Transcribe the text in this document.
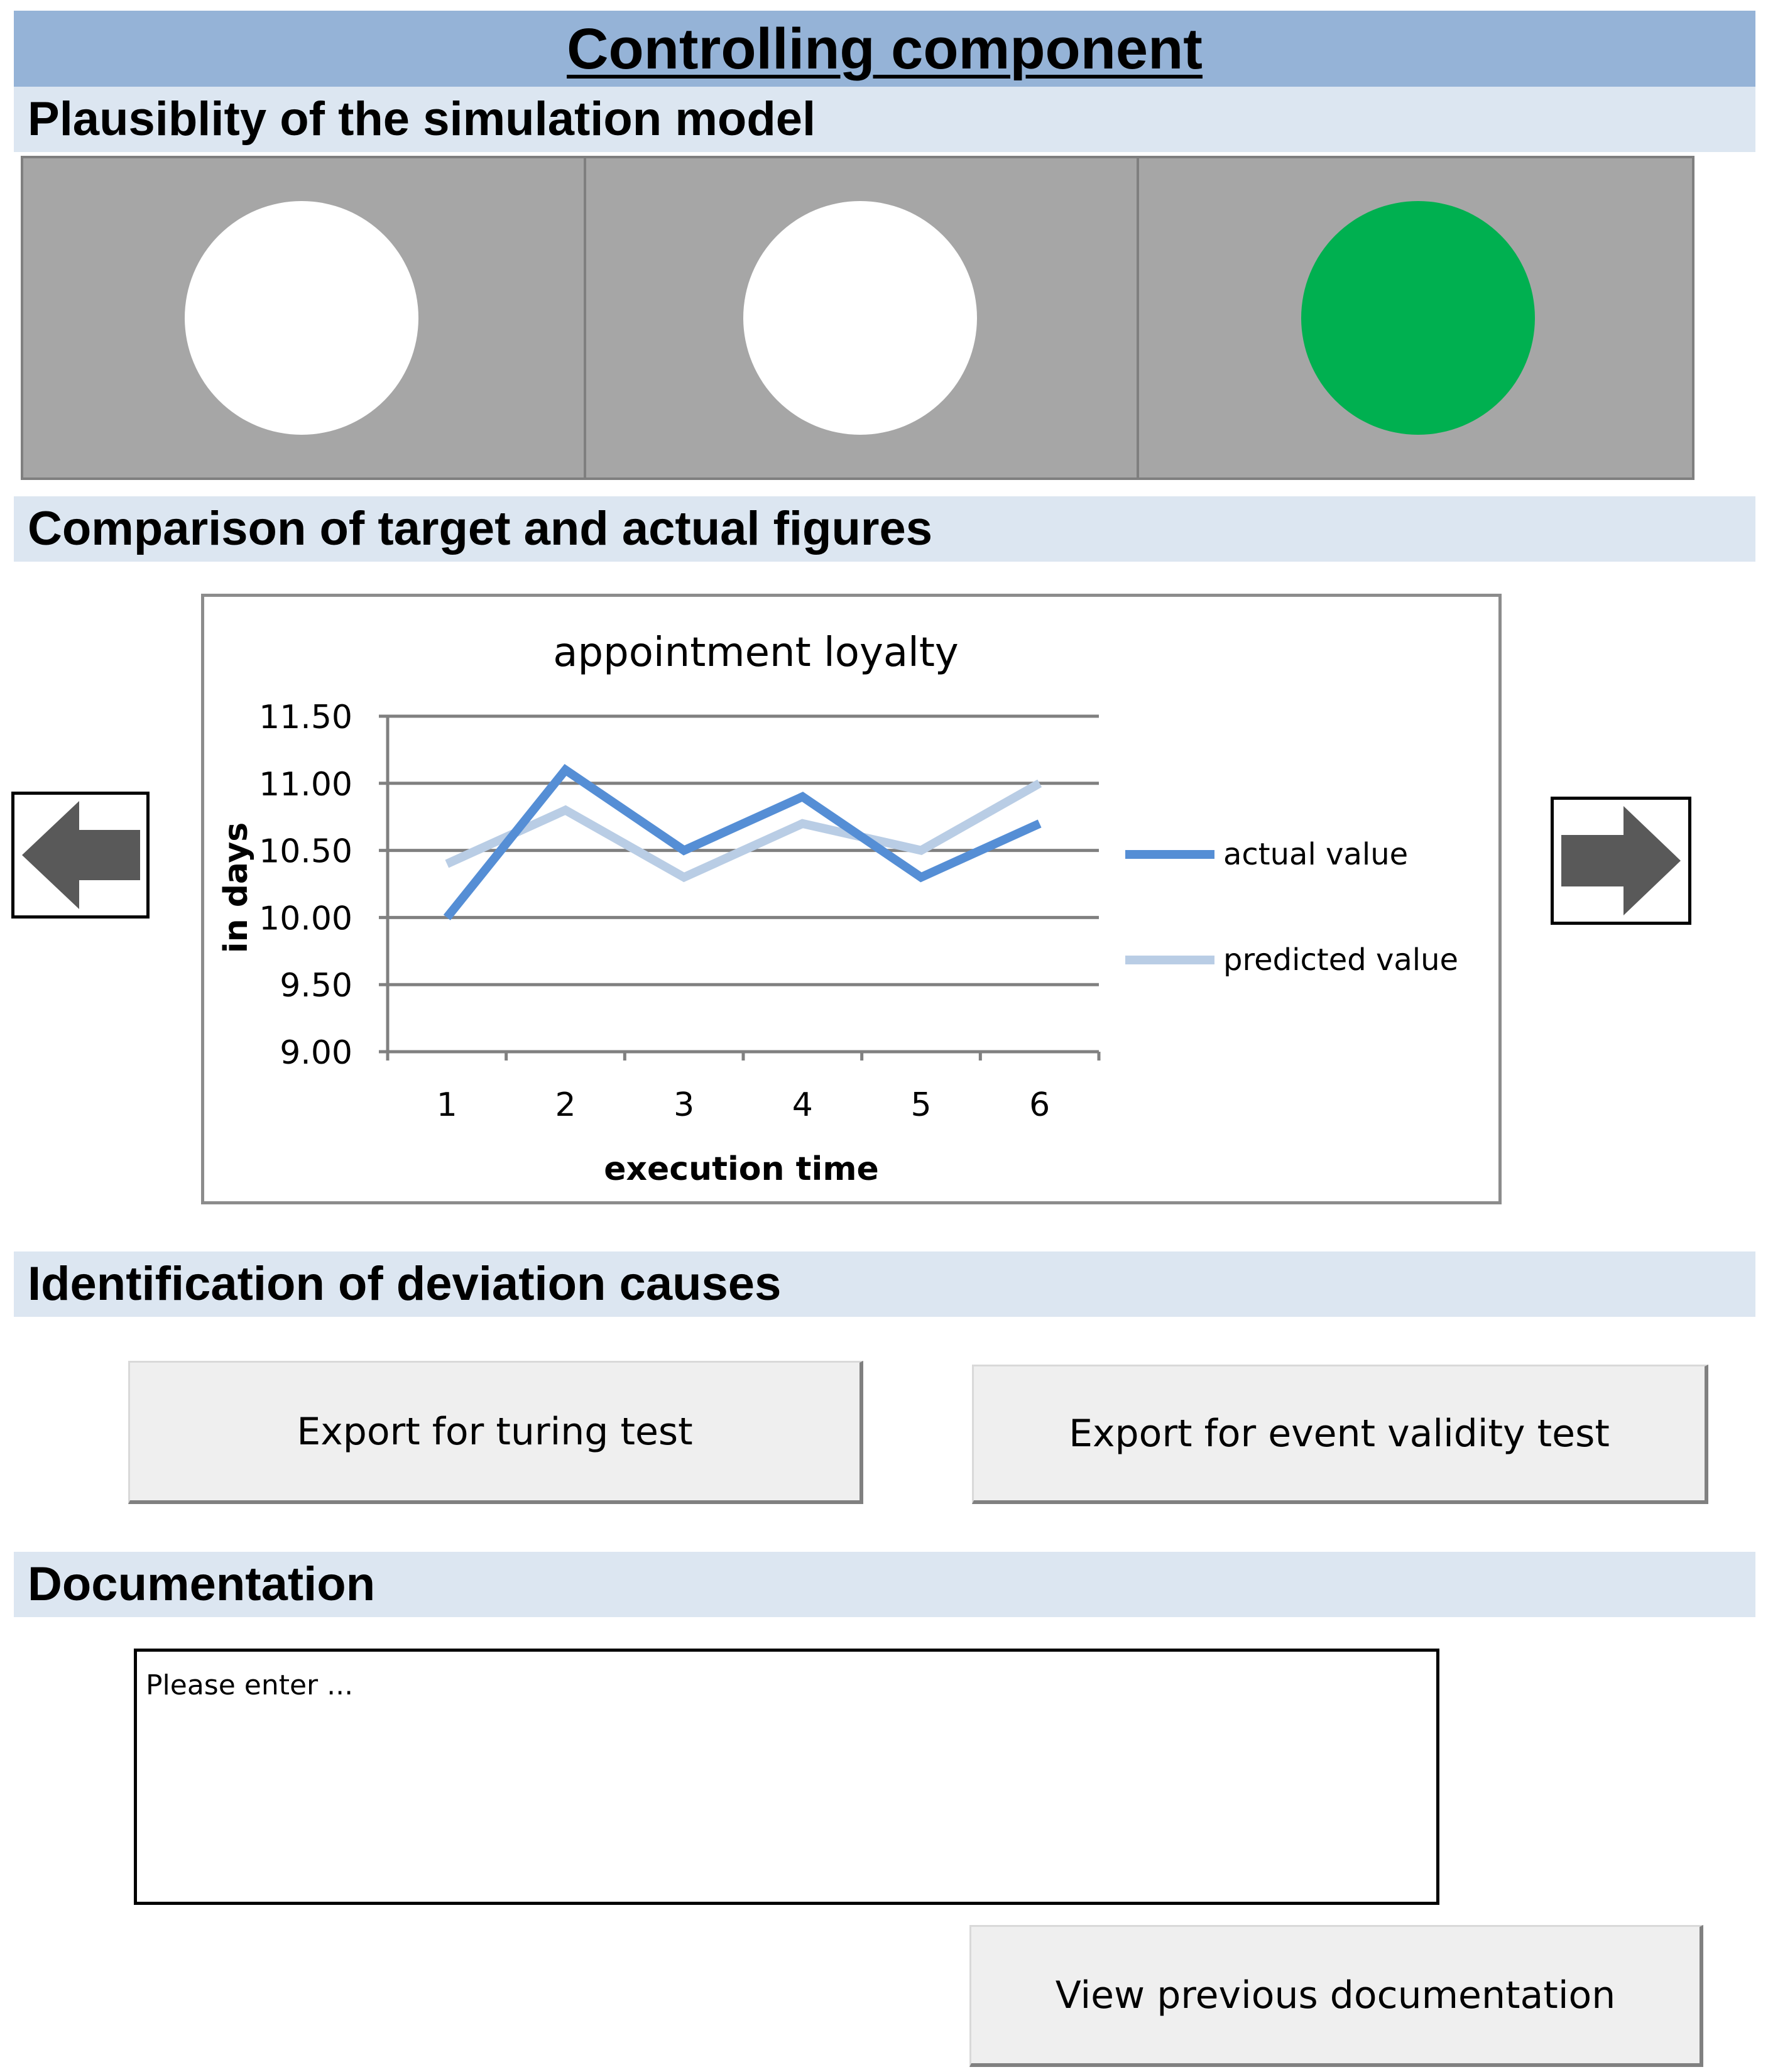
Controlling component
Plausiblity of the simulation model
Comparison of target and actual figures
appointment loyalty
9.00
9.50
10.00
10.50
11.00
11.50
1	2	3	4	5	6
actual value
predicted value
execution time
in days
Identification of deviation causes
Export for turing test	Export for event validity test
Documentation
Please enter ...
View previous documentation
